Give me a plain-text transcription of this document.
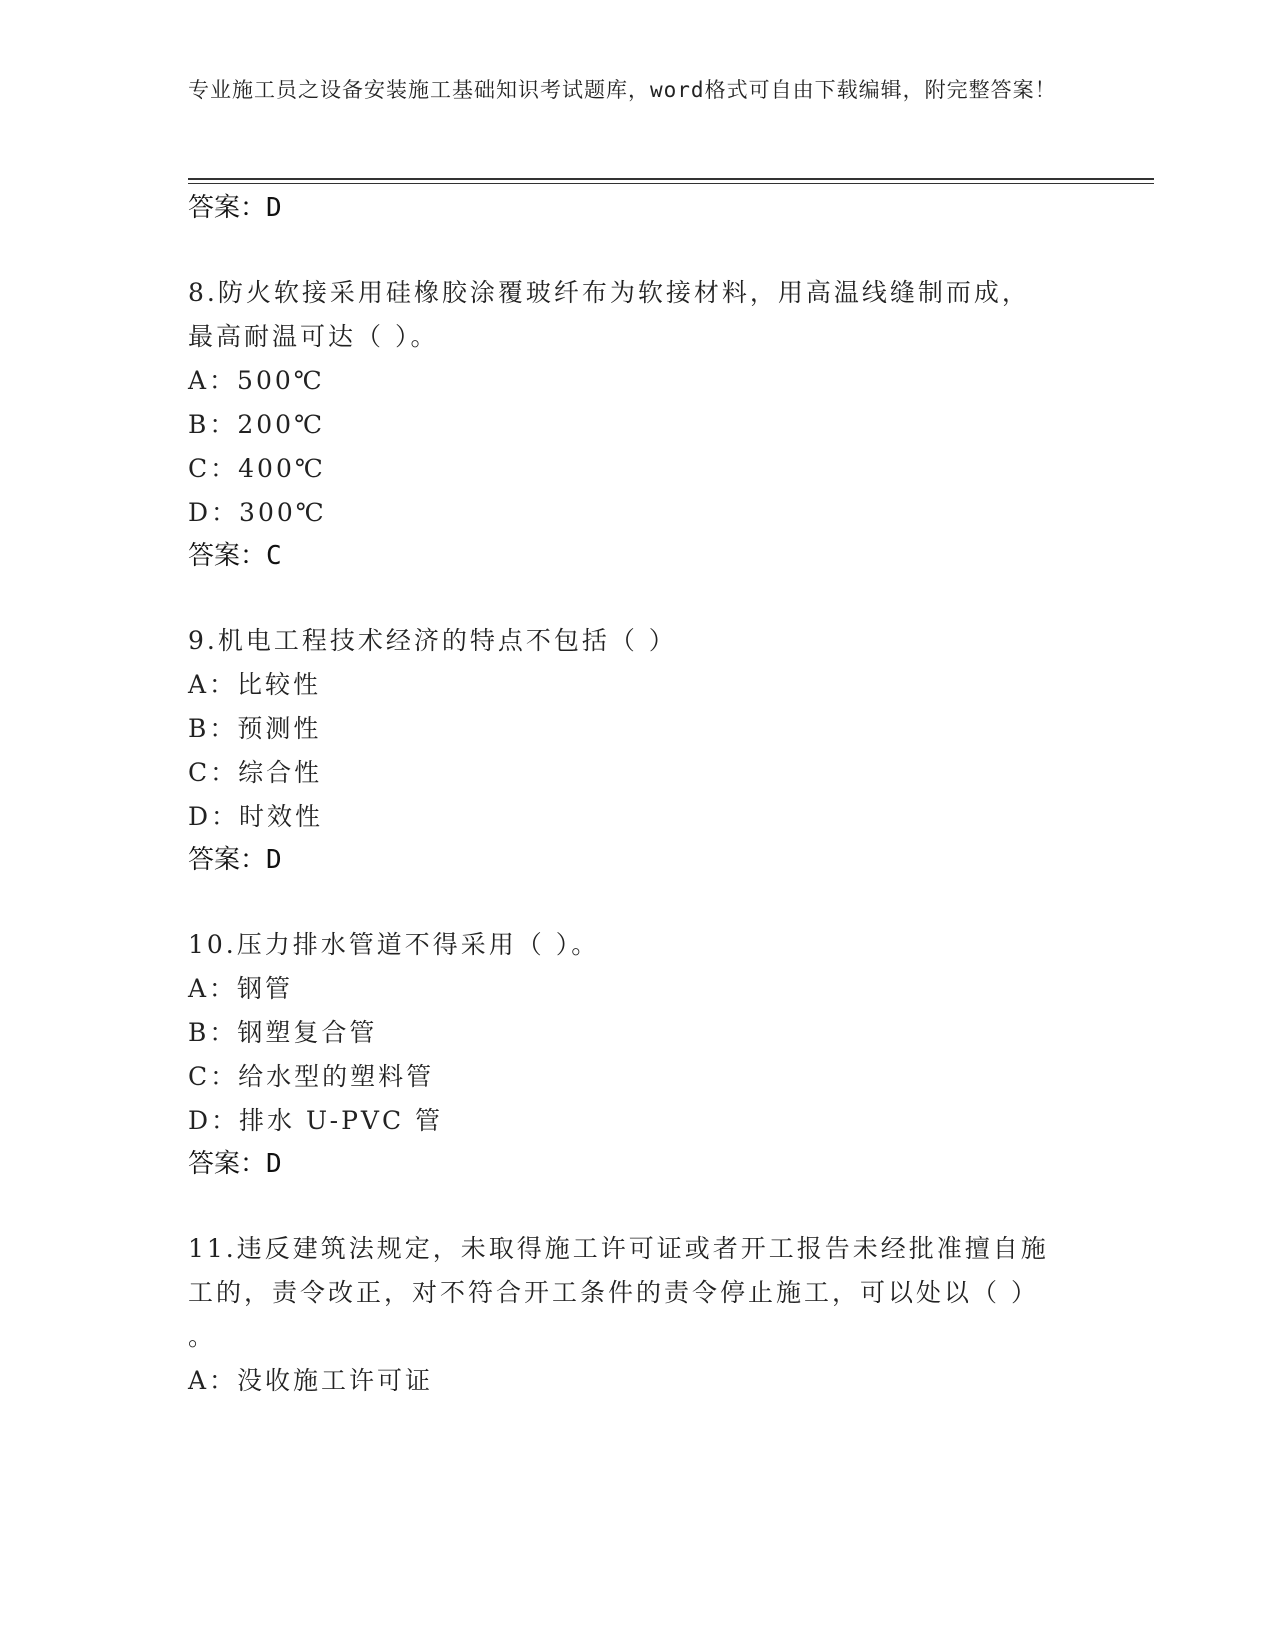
专业施工员之设备安装施工基础知识考试题库，word格式可自由下载编辑，附完整答案！
答案：D
8.防火软接采用硅橡胶涂覆玻纤布为软接材料，用高温线缝制而成，
最高耐温可达（ ）。
A：500℃
B：200℃
C：400℃
D：300℃
答案：C
9.机电工程技术经济的特点不包括（ ）
A：比较性
B：预测性
C：综合性
D：时效性
答案：D
10.压力排水管道不得采用（ ）。
A：钢管
B：钢塑复合管
C：给水型的塑料管
D：排水 U-PVC 管
答案：D
11.违反建筑法规定，未取得施工许可证或者开工报告未经批准擅自施
工的，责令改正，对不符合开工条件的责令停止施工，可以处以（ ）
。
A：没收施工许可证
